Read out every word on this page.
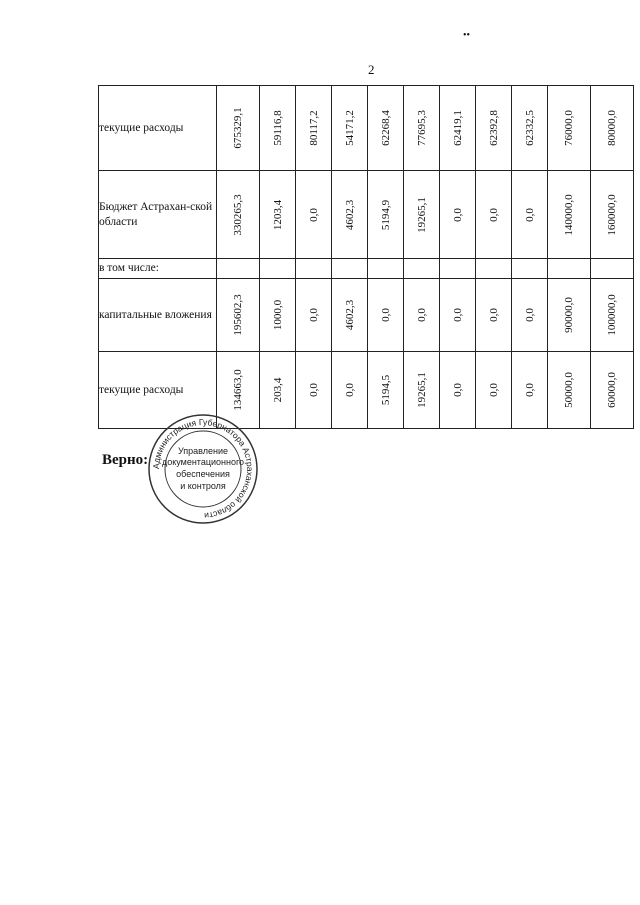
••
2
текущие расходы	675329,1	59116,8	80117,2	54171,2	62268,4	77695,3	62419,1	62392,8	62332,5	76000,0	80000,0

Бюджет Астрахан-ской области	330265,3	1203,4	0,0	4602,3	5194,9	19265,1	0,0	0,0	0,0	140000,0	160000,0

в том числе:	

капитальные вложения	195602,3	1000,0	0,0	4602,3	0,0	0,0	0,0	0,0	0,0	90000,0	100000,0

текущие расходы	134663,0	203,4	0,0	0,0	5194,5	19265,1	0,0	0,0	0,0	50000,0	60000,0
Верно: Администрация Губернатора Астраханской области
Управление
документационного
обеспечения
и контроля
